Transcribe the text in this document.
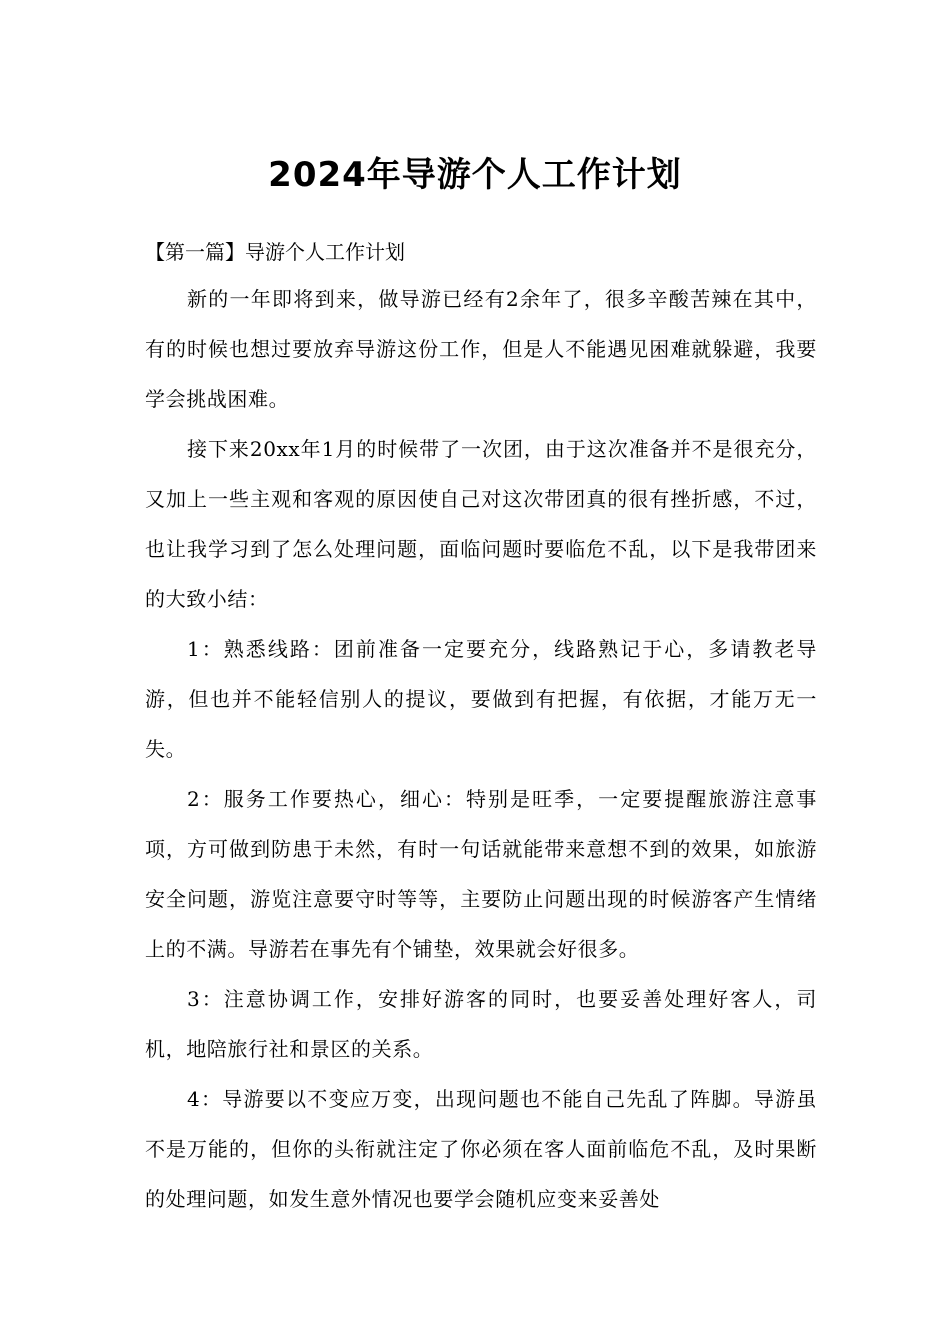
2024年导游个人工作计划

【第一篇】导游个人工作计划

新的一年即将到来，做导游已经有2余年了，很多辛酸苦辣在其中，有的时候也想过要放弃导游这份工作，但是人不能遇见困难就躲避，我要学会挑战困难。

接下来20xx年1月的时候带了一次团，由于这次准备并不是很充分，又加上一些主观和客观的原因使自己对这次带团真的很有挫折感，不过，也让我学习到了怎么处理问题，面临问题时要临危不乱，以下是我带团来的大致小结：

1：熟悉线路：团前准备一定要充分，线路熟记于心，多请教老导游，但也并不能轻信别人的提议，要做到有把握，有依据，才能万无一失。

2：服务工作要热心，细心：特别是旺季，一定要提醒旅游注意事项，方可做到防患于未然，有时一句话就能带来意想不到的效果，如旅游安全问题，游览注意要守时等等，主要防止问题出现的时候游客产生情绪上的不满。导游若在事先有个铺垫，效果就会好很多。

3：注意协调工作，安排好游客的同时，也要妥善处理好客人，司机，地陪旅行社和景区的关系。

4：导游要以不变应万变，出现问题也不能自己先乱了阵脚。导游虽不是万能的，但你的头衔就注定了你必须在客人面前临危不乱，及时果断的处理问题，如发生意外情况也要学会随机应变来妥善处
